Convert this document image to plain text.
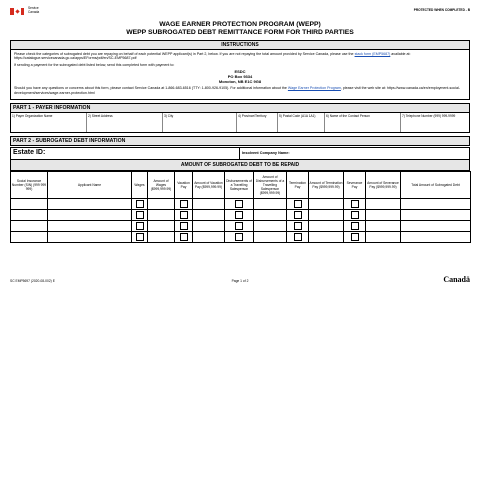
Service
Canada	PROTECTED WHEN COMPLETED - B
WAGE EARNER PROTECTION PROGRAM (WEPP)
WEPP SUBROGATED DEBT REMITTANCE FORM FOR THIRD PARTIES
INSTRUCTIONS

Please check the categories of subrogated debt you are repaying on behalf of each potential WEPP applicant(s) in Part 2, below. If you are not repaying the total amount provided by Service Canada, please use the stack form (EMP5687) available at: https://catalogue.servicecanada.gc.ca/apps/EForms/pdf/en/SC-EMP5687.pdf

If sending a payment for the subrogated debt listed below, send this completed form with payment to:

ESDC
PO Box 9334
Moncton, NB E1C 9G8

Should you have any questions or concerns about this form, please contact Service Canada at 1-866-683-6516 (TTY: 1-800-926-9105). For additional information about the Wage Earner Protection Program, please visit the web site at: https://www.canada.ca/en/employment-social-development/services/wage-earner-protection.html

PART 1 - PAYER INFORMATION
1) Payer Organization Name	2) Street Address	3) City	4) Province/Territory	5) Postal Code (A1A 1A1)	6) Name of the Contact Person	7) Telephone Number (999) 999-9999
PART 2 - SUBROGATED DEBT INFORMATION
Estate ID:	Insolvent Company Name:
AMOUNT OF SUBROGATED DEBT TO BE REPAID
Social Insurance Number (SIN) (999 999 999)	Applicant Name	Wages	Amount of Wages ($999,999.99)	Vacation Pay	Amount of Vacation Pay ($999,999.99)	Disbursements of a Travelling Salesperson	Amount of Disbursements of a Travelling Salesperson ($999,999.99)	Termination Pay	Amount of Termination Pay ($999,999.99)	Severance Pay	Amount of Severance Pay ($999,999.99)	Total Amount of Subrogated Debt

SC EMP5697 (2020-08-002) E	Page 1 of 2	Canadä
